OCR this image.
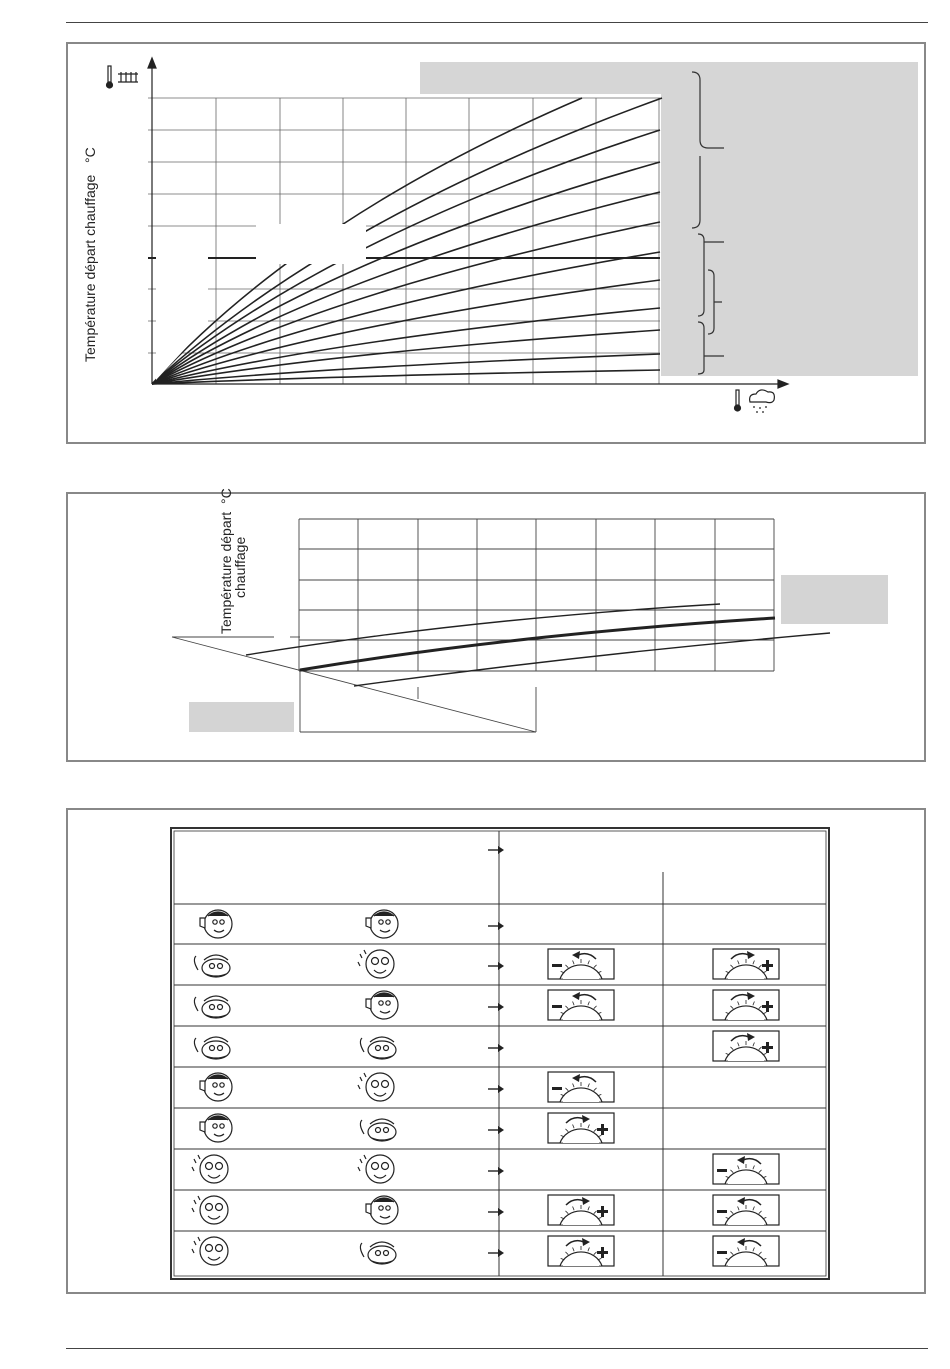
Température départ chauffage   °C
Température départ  °C
chauffage
